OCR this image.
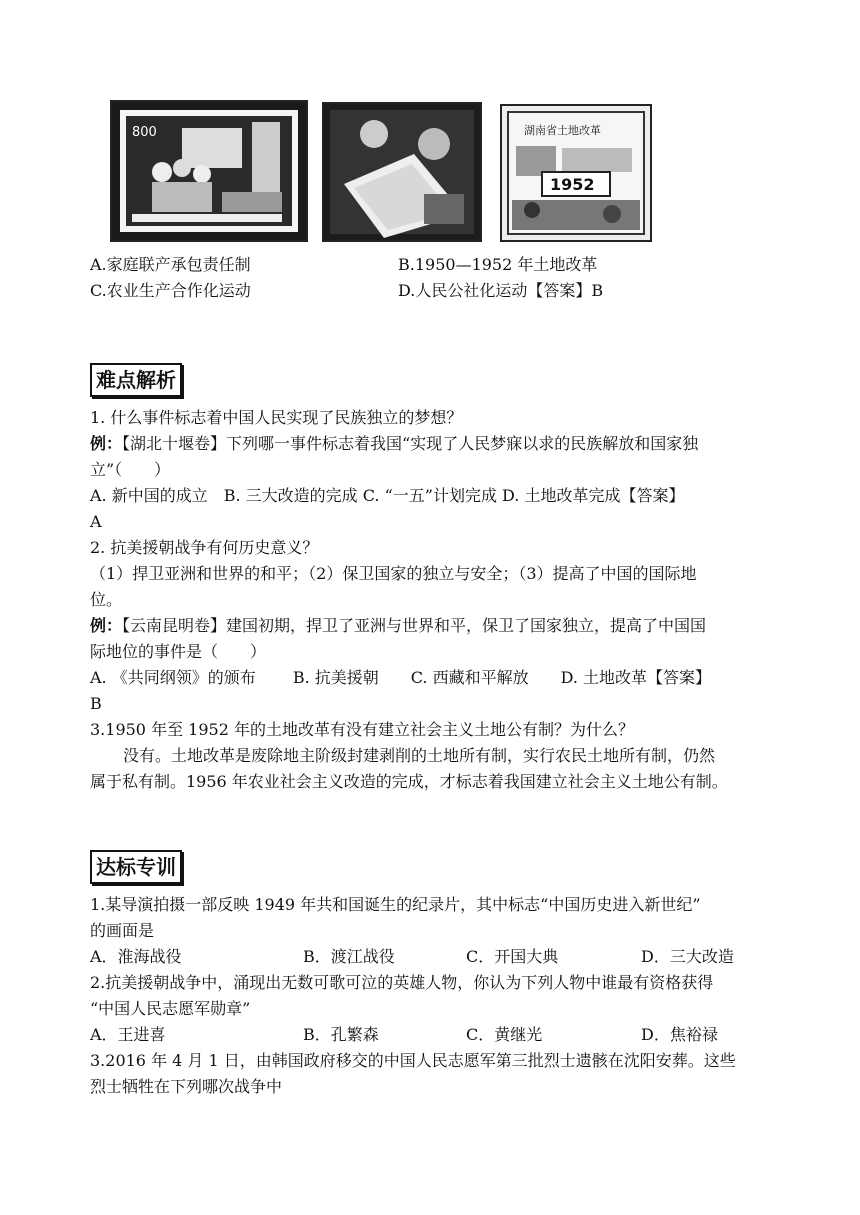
800	湖南省土地改革
1952
A.家庭联产承包责任制	B.1950—1952 年土地改革
C.农业生产合作化运动	D.人民公社化运动【答案】B
难点解析
1. 什么事件标志着中国人民实现了民族独立的梦想？
例：【湖北十堰卷】下列哪一事件标志着我国“实现了人民梦寐以求的民族解放和国家独
立”（　　）
A. 新中国的成立　B. 三大改造的完成 C. “一五”计划完成 D. 土地改革完成【答案】
A
2. 抗美援朝战争有何历史意义？
（1）捍卫亚洲和世界的和平；（2）保卫国家的独立与安全；（3）提高了中国的国际地
位。
例：【云南昆明卷】建国初期，捍卫了亚洲与世界和平，保卫了国家独立，提高了中国国
际地位的事件是（　　）
A. 《共同纲领》的颁布　　 B. 抗美援朝　　C. 西藏和平解放　　D. 土地改革【答案】
B
3.1950 年至 1952 年的土地改革有没有建立社会主义土地公有制？为什么？
没有。土地改革是废除地主阶级封建剥削的土地所有制，实行农民土地所有制，仍然
属于私有制。1956 年农业社会主义改造的完成，才标志着我国建立社会主义土地公有制。
达标专训
1.某导演拍摄一部反映 1949 年共和国诞生的纪录片，其中标志“中国历史进入新世纪”
的画面是
A．淮海战役	B．渡江战役	C．开国大典	D．三大改造
2.抗美援朝战争中，涌现出无数可歌可泣的英雄人物，你认为下列人物中谁最有资格获得
“中国人民志愿军勋章”
A．王进喜	B．孔繁森	C．黄继光	D．焦裕禄
3.2016 年 4 月 1 日，由韩国政府移交的中国人民志愿军第三批烈士遗骸在沈阳安葬。这些
烈士牺牲在下列哪次战争中
